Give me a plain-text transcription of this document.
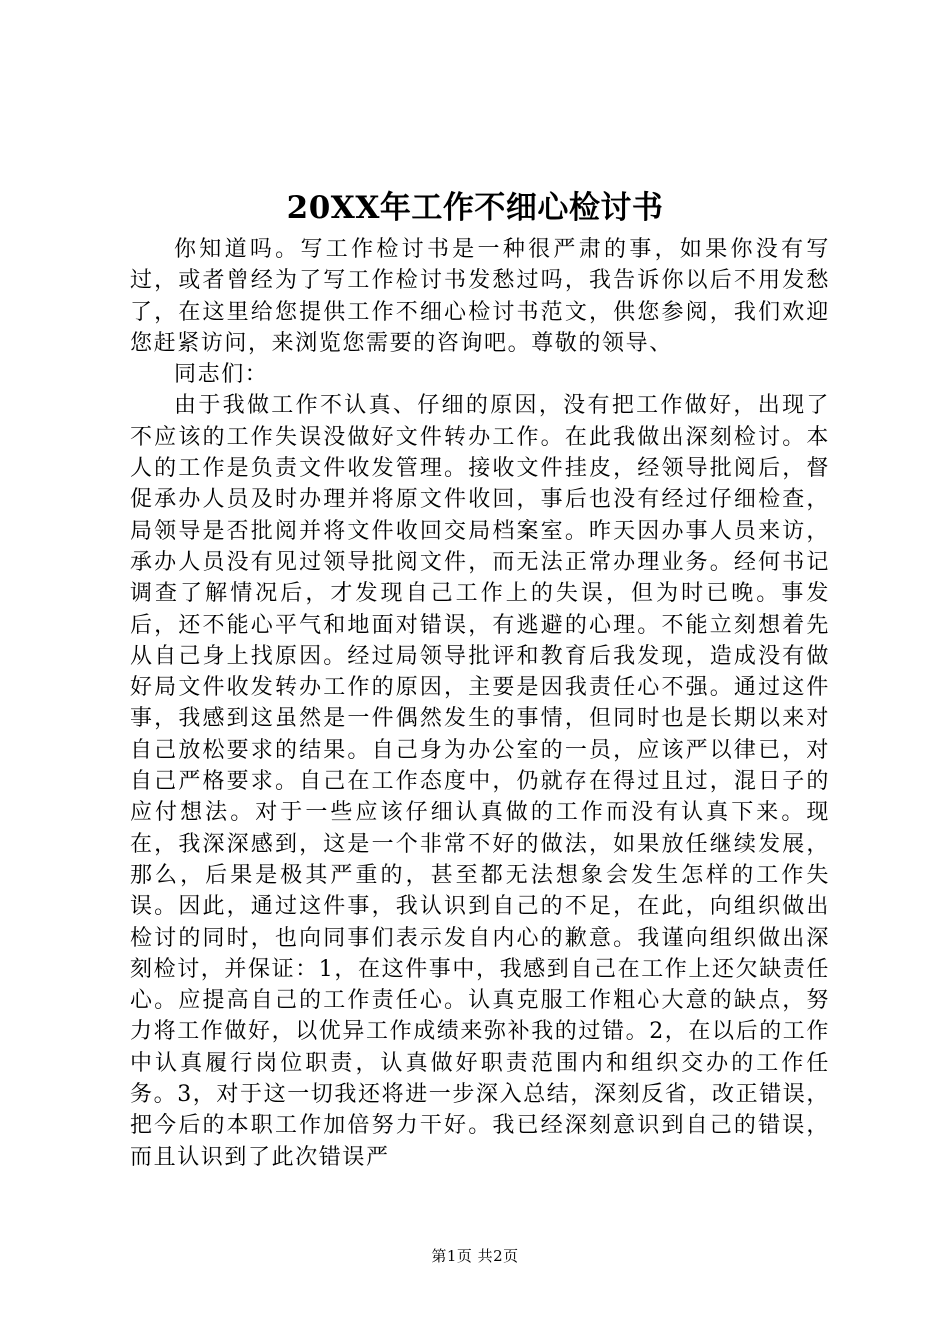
20XX年工作不细心检讨书

你知道吗。写工作检讨书是一种很严肃的事，如果你没有写过，或者曾经为了写工作检讨书发愁过吗，我告诉你以后不用发愁了，在这里给您提供工作不细心检讨书范文，供您参阅，我们欢迎您赶紧访问，来浏览您需要的咨询吧。尊敬的领导、

同志们：

由于我做工作不认真、仔细的原因，没有把工作做好，出现了不应该的工作失误没做好文件转办工作。在此我做出深刻检讨。本人的工作是负责文件收发管理。接收文件挂皮，经领导批阅后，督促承办人员及时办理并将原文件收回，事后也没有经过仔细检查，局领导是否批阅并将文件收回交局档案室。昨天因办事人员来访，承办人员没有见过领导批阅文件，而无法正常办理业务。经何书记调查了解情况后，才发现自己工作上的失误，但为时已晚。事发后，还不能心平气和地面对错误，有逃避的心理。不能立刻想着先从自己身上找原因。经过局领导批评和教育后我发现，造成没有做好局文件收发转办工作的原因，主要是因我责任心不强。通过这件事，我感到这虽然是一件偶然发生的事情，但同时也是长期以来对自己放松要求的结果。自己身为办公室的一员，应该严以律已，对自己严格要求。自己在工作态度中，仍就存在得过且过，混日子的应付想法。对于一些应该仔细认真做的工作而没有认真下来。现在，我深深感到，这是一个非常不好的做法，如果放任继续发展，那么，后果是极其严重的，甚至都无法想象会发生怎样的工作失误。因此，通过这件事，我认识到自己的不足，在此，向组织做出检讨的同时，也向同事们表示发自内心的歉意。我谨向组织做出深刻检讨，并保证：1，在这件事中，我感到自己在工作上还欠缺责任心。应提高自己的工作责任心。认真克服工作粗心大意的缺点，努力将工作做好，以优异工作成绩来弥补我的过错。2，在以后的工作中认真履行岗位职责，认真做好职责范围内和组织交办的工作任务。3，对于这一切我还将进一步深入总结，深刻反省，改正错误，把今后的本职工作加倍努力干好。我已经深刻意识到自己的错误，而且认识到了此次错误严

第1页 共2页
